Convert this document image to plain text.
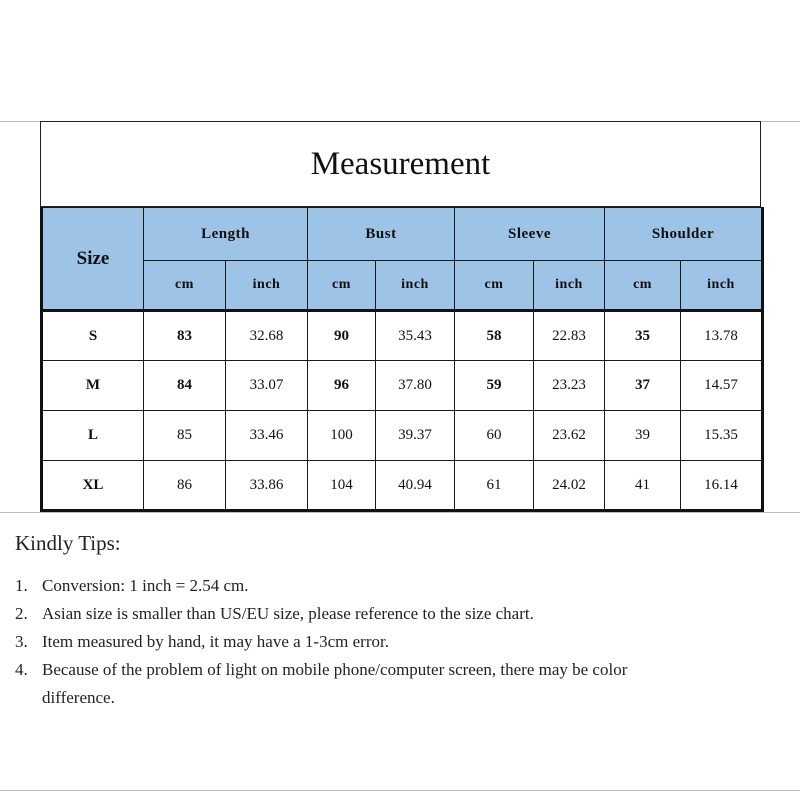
Measurement
Size	Length		Bust		Sleeve		Shoulder	
	cm	inch	cm	inch	cm	inch	cm	inch
S	83	32.68	90	35.43	58	22.83	35	13.78
M	84	33.07	96	37.80	59	23.23	37	14.57
L	85	33.46	100	39.37	60	23.62	39	15.35
XL	86	33.86	104	40.94	61	24.02	41	16.14
Kindly Tips:
1. Conversion: 1 inch = 2.54 cm.
2. Asian size is smaller than US/EU size, please reference to the size chart.
3. Item measured by hand, it may have a 1-3cm error.
4. Because of the problem of light on mobile phone/computer screen, there may be color difference.
